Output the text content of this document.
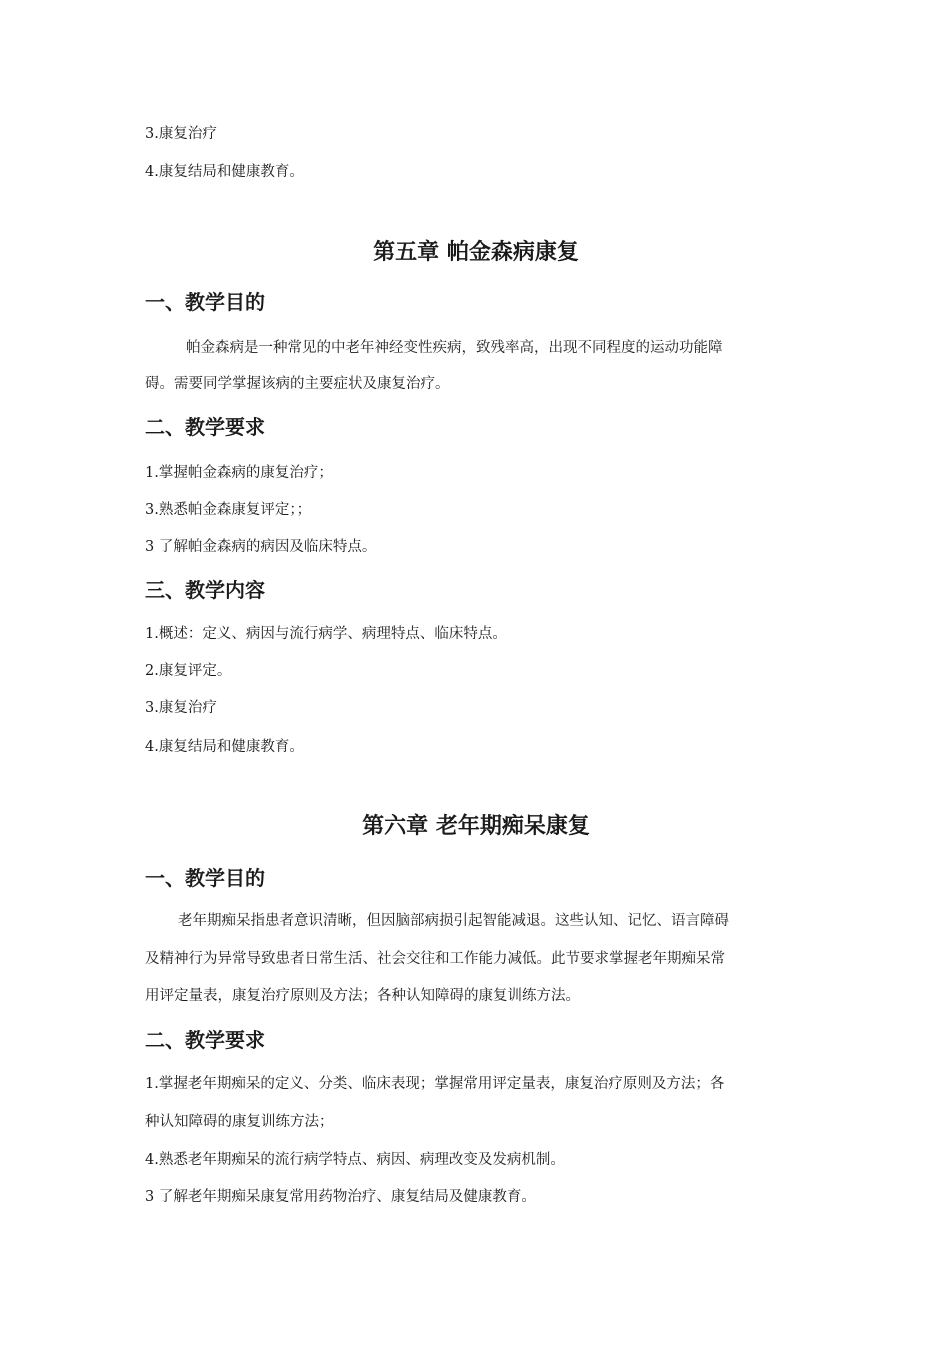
3.康复治疗
4.康复结局和健康教育。
第五章 帕金森病康复
一、教学目的
帕金森病是一种常见的中老年神经变性疾病，致残率高，出现不同程度的运动功能障
碍。需要同学掌握该病的主要症状及康复治疗。
二、教学要求
1.掌握帕金森病的康复治疗；
3.熟悉帕金森康复评定；；
3 了解帕金森病的病因及临床特点。
三、教学内容
1.概述：定义、病因与流行病学、病理特点、临床特点。
2.康复评定。
3.康复治疗
4.康复结局和健康教育。
第六章 老年期痴呆康复
一、教学目的
老年期痴呆指患者意识清晰，但因脑部病损引起智能减退。这些认知、记忆、语言障碍
及精神行为异常导致患者日常生活、社会交往和工作能力减低。此节要求掌握老年期痴呆常
用评定量表，康复治疗原则及方法；各种认知障碍的康复训练方法。
二、教学要求
1.掌握老年期痴呆的定义、分类、临床表现；掌握常用评定量表，康复治疗原则及方法；各
种认知障碍的康复训练方法；
4.熟悉老年期痴呆的流行病学特点、病因、病理改变及发病机制。
3 了解老年期痴呆康复常用药物治疗、康复结局及健康教育。
